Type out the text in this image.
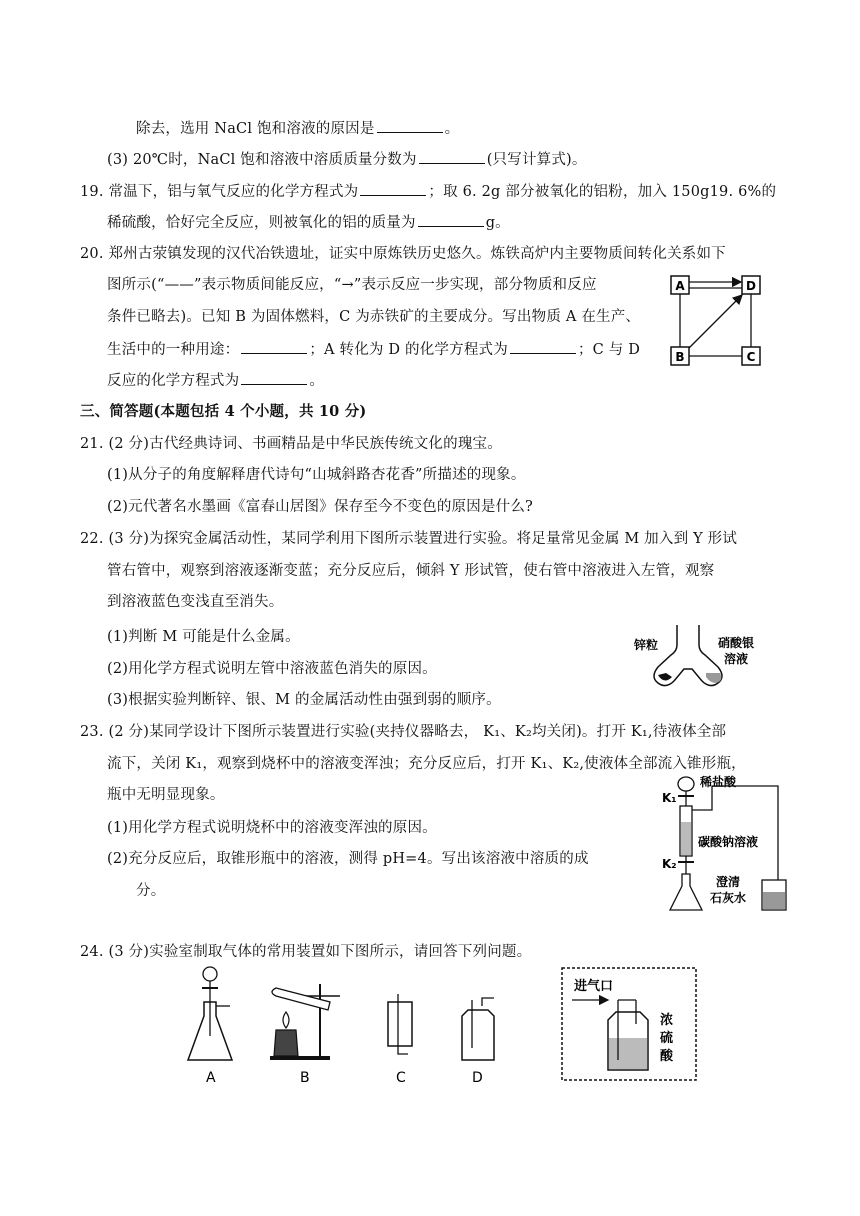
除去，选用 NaCl 饱和溶液的原因是	。
(3) 20℃时，NaCl 饱和溶液中溶质质量分数为	(只写计算式)。
19. 常温下，铝与氧气反应的化学方程式为	；取 6. 2g 部分被氧化的铝粉，加入 150g19. 6%的
稀硫酸，恰好完全反应，则被氧化的铝的质量为	g。
20. 郑州古荥镇发现的汉代冶铁遗址，证实中原炼铁历史悠久。炼铁高炉内主要物质间转化关系如下
图所示(“——”表示物质间能反应，“→”表示反应一步实现，部分物质和反应
条件已略去)。已知 B 为固体燃料，C 为赤铁矿的主要成分。写出物质 A 在生产、
生活中的一种用途：	；A 转化为 D 的化学方程式为	；C 与 D
反应的化学方程式为	。
三、简答题(本题包括 4 个小题，共 10 分)
21. (2 分)古代经典诗词、书画精品是中华民族传统文化的瑰宝。
(1)从分子的角度解释唐代诗句“山城斜路杏花香”所描述的现象。
(2)元代著名水墨画《富春山居图》保存至今不变色的原因是什么?
22. (3 分)为探究金属活动性，某同学利用下图所示装置进行实验。将足量常见金属 M 加入到 Y 形试
管右管中，观察到溶液逐渐变蓝；充分反应后，倾斜 Y 形试管，使右管中溶液进入左管，观察
到溶液蓝色变浅直至消失。
(1)判断 M 可能是什么金属。
(2)用化学方程式说明左管中溶液蓝色消失的原因。
(3)根据实验判断锌、银、M 的金属活动性由强到弱的顺序。
23. (2 分)某同学设计下图所示装置进行实验(夹持仪器略去， K₁、K₂均关闭)。打开 K₁,待液体全部
流下，关闭 K₁，观察到烧杯中的溶液变浑浊；充分反应后，打开 K₁、K₂,使液体全部流入锥形瓶，
瓶中无明显现象。
(1)用化学方程式说明烧杯中的溶液变浑浊的原因。
(2)充分反应后，取锥形瓶中的溶液，测得 pH=4。写出该溶液中溶质的成
分。
24. (3 分)实验室制取气体的常用装置如下图所示，请回答下列问题。
A	D
B	C
锌粒	硝酸银
溶液
稀盐酸
K₁
碳酸钠溶液
K₂
澄清
石灰水
A	B	C	D
进气口
浓
硫
酸
